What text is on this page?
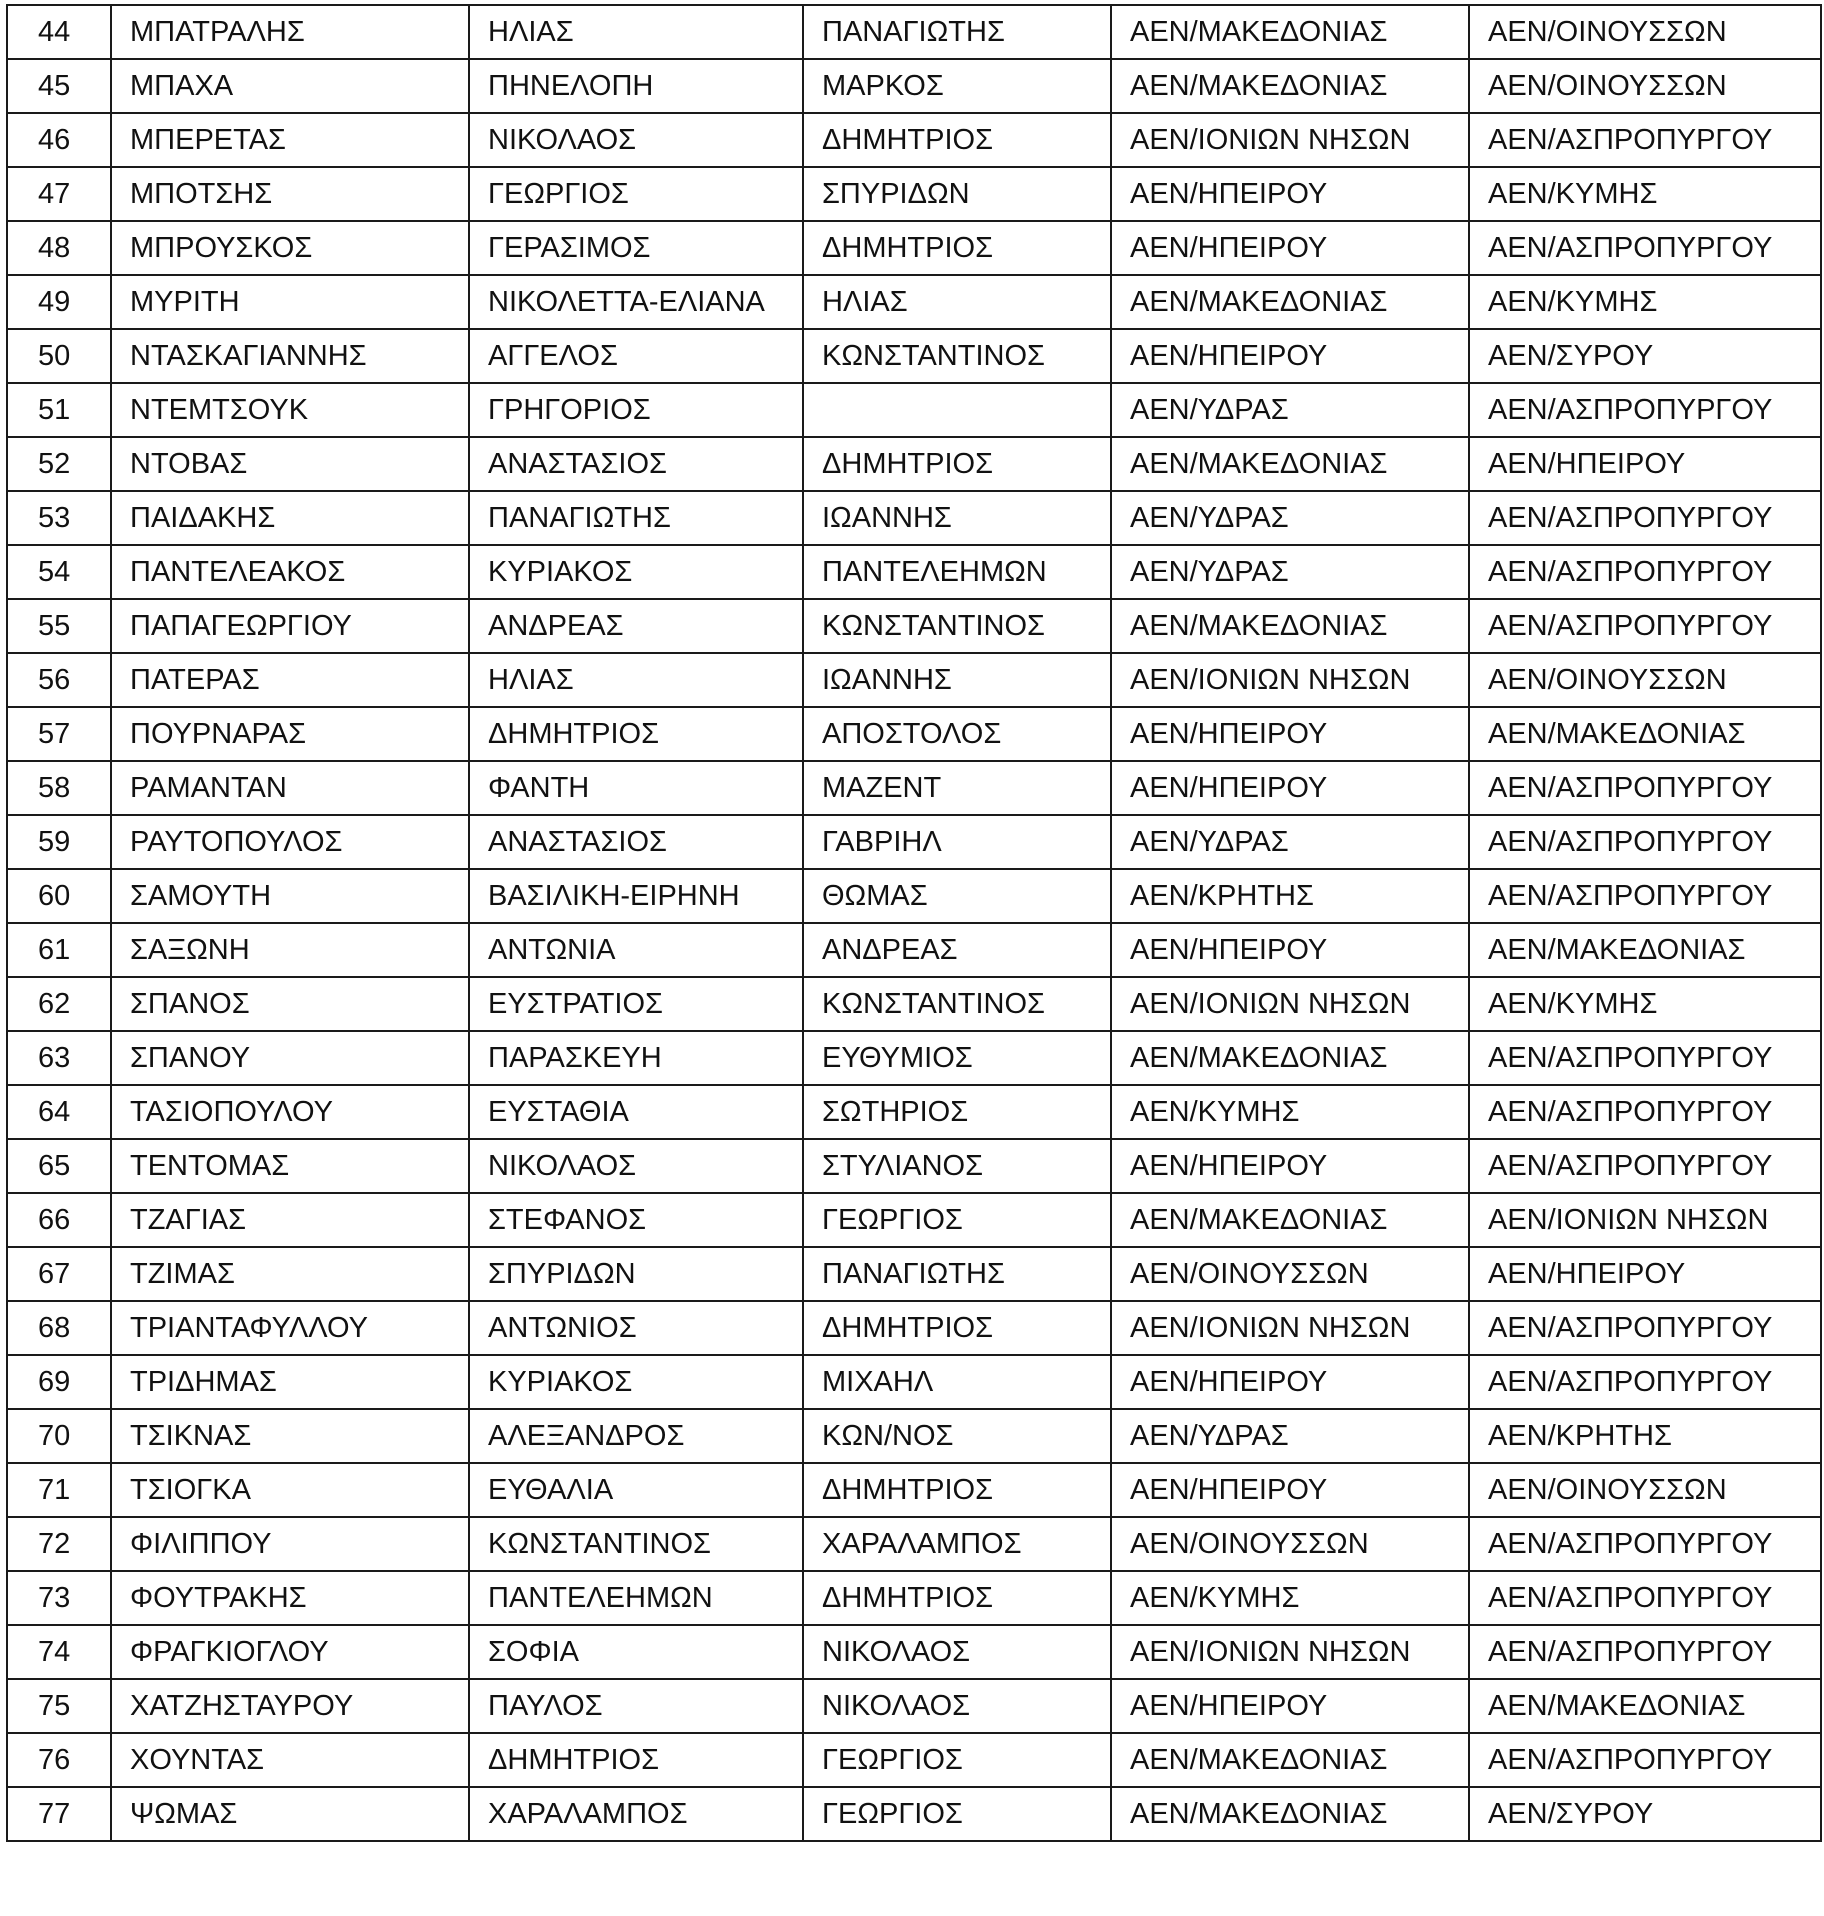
44	ΜΠΑΤΡΑΛΗΣ	ΗΛΙΑΣ	ΠΑΝΑΓΙΩΤΗΣ	ΑΕΝ/ΜΑΚΕΔΟΝΙΑΣ	ΑΕΝ/ΟΙΝΟΥΣΣΩΝ
45	ΜΠΑΧΑ	ΠΗΝΕΛΟΠΗ	ΜΑΡΚΟΣ	ΑΕΝ/ΜΑΚΕΔΟΝΙΑΣ	ΑΕΝ/ΟΙΝΟΥΣΣΩΝ
46	ΜΠΕΡΕΤΑΣ	ΝΙΚΟΛΑΟΣ	ΔΗΜΗΤΡΙΟΣ	ΑΕΝ/ΙΟΝΙΩΝ ΝΗΣΩΝ	ΑΕΝ/ΑΣΠΡΟΠΥΡΓΟΥ
47	ΜΠΟΤΣΗΣ	ΓΕΩΡΓΙΟΣ	ΣΠΥΡΙΔΩΝ	ΑΕΝ/ΗΠΕΙΡΟΥ	ΑΕΝ/ΚΥΜΗΣ
48	ΜΠΡΟΥΣΚΟΣ	ΓΕΡΑΣΙΜΟΣ	ΔΗΜΗΤΡΙΟΣ	ΑΕΝ/ΗΠΕΙΡΟΥ	ΑΕΝ/ΑΣΠΡΟΠΥΡΓΟΥ
49	ΜΥΡΙΤΗ	ΝΙΚΟΛΕΤΤΑ-ΕΛΙΑΝΑ	ΗΛΙΑΣ	ΑΕΝ/ΜΑΚΕΔΟΝΙΑΣ	ΑΕΝ/ΚΥΜΗΣ
50	ΝΤΑΣΚΑΓΙΑΝΝΗΣ	ΑΓΓΕΛΟΣ	ΚΩΝΣΤΑΝΤΙΝΟΣ	ΑΕΝ/ΗΠΕΙΡΟΥ	ΑΕΝ/ΣΥΡΟΥ
51	ΝΤΕΜΤΣΟΥΚ	ΓΡΗΓΟΡΙΟΣ		ΑΕΝ/ΥΔΡΑΣ	ΑΕΝ/ΑΣΠΡΟΠΥΡΓΟΥ
52	ΝΤΟΒΑΣ	ΑΝΑΣΤΑΣΙΟΣ	ΔΗΜΗΤΡΙΟΣ	ΑΕΝ/ΜΑΚΕΔΟΝΙΑΣ	ΑΕΝ/ΗΠΕΙΡΟΥ
53	ΠΑΙΔΑΚΗΣ	ΠΑΝΑΓΙΩΤΗΣ	ΙΩΑΝΝΗΣ	ΑΕΝ/ΥΔΡΑΣ	ΑΕΝ/ΑΣΠΡΟΠΥΡΓΟΥ
54	ΠΑΝΤΕΛΕΑΚΟΣ	ΚΥΡΙΑΚΟΣ	ΠΑΝΤΕΛΕΗΜΩΝ	ΑΕΝ/ΥΔΡΑΣ	ΑΕΝ/ΑΣΠΡΟΠΥΡΓΟΥ
55	ΠΑΠΑΓΕΩΡΓΙΟΥ	ΑΝΔΡΕΑΣ	ΚΩΝΣΤΑΝΤΙΝΟΣ	ΑΕΝ/ΜΑΚΕΔΟΝΙΑΣ	ΑΕΝ/ΑΣΠΡΟΠΥΡΓΟΥ
56	ΠΑΤΕΡΑΣ	ΗΛΙΑΣ	ΙΩΑΝΝΗΣ	ΑΕΝ/ΙΟΝΙΩΝ ΝΗΣΩΝ	ΑΕΝ/ΟΙΝΟΥΣΣΩΝ
57	ΠΟΥΡΝΑΡΑΣ	ΔΗΜΗΤΡΙΟΣ	ΑΠΟΣΤΟΛΟΣ	ΑΕΝ/ΗΠΕΙΡΟΥ	ΑΕΝ/ΜΑΚΕΔΟΝΙΑΣ
58	ΡΑΜΑΝΤΑΝ	ΦΑΝΤΗ	ΜΑΖΕΝΤ	ΑΕΝ/ΗΠΕΙΡΟΥ	ΑΕΝ/ΑΣΠΡΟΠΥΡΓΟΥ
59	ΡΑΥΤΟΠΟΥΛΟΣ	ΑΝΑΣΤΑΣΙΟΣ	ΓΑΒΡΙΗΛ	ΑΕΝ/ΥΔΡΑΣ	ΑΕΝ/ΑΣΠΡΟΠΥΡΓΟΥ
60	ΣΑΜΟΥΤΗ	ΒΑΣΙΛΙΚΗ-ΕΙΡΗΝΗ	ΘΩΜΑΣ	ΑΕΝ/ΚΡΗΤΗΣ	ΑΕΝ/ΑΣΠΡΟΠΥΡΓΟΥ
61	ΣΑΞΩΝΗ	ΑΝΤΩΝΙΑ	ΑΝΔΡΕΑΣ	ΑΕΝ/ΗΠΕΙΡΟΥ	ΑΕΝ/ΜΑΚΕΔΟΝΙΑΣ
62	ΣΠΑΝΟΣ	ΕΥΣΤΡΑΤΙΟΣ	ΚΩΝΣΤΑΝΤΙΝΟΣ	ΑΕΝ/ΙΟΝΙΩΝ ΝΗΣΩΝ	ΑΕΝ/ΚΥΜΗΣ
63	ΣΠΑΝΟΥ	ΠΑΡΑΣΚΕΥΗ	ΕΥΘΥΜΙΟΣ	ΑΕΝ/ΜΑΚΕΔΟΝΙΑΣ	ΑΕΝ/ΑΣΠΡΟΠΥΡΓΟΥ
64	ΤΑΣΙΟΠΟΥΛΟΥ	ΕΥΣΤΑΘΙΑ	ΣΩΤΗΡΙΟΣ	ΑΕΝ/ΚΥΜΗΣ	ΑΕΝ/ΑΣΠΡΟΠΥΡΓΟΥ
65	ΤΕΝΤΟΜΑΣ	ΝΙΚΟΛΑΟΣ	ΣΤΥΛΙΑΝΟΣ	ΑΕΝ/ΗΠΕΙΡΟΥ	ΑΕΝ/ΑΣΠΡΟΠΥΡΓΟΥ
66	ΤΖΑΓΙΑΣ	ΣΤΕΦΑΝΟΣ	ΓΕΩΡΓΙΟΣ	ΑΕΝ/ΜΑΚΕΔΟΝΙΑΣ	ΑΕΝ/ΙΟΝΙΩΝ ΝΗΣΩΝ
67	ΤΖΙΜΑΣ	ΣΠΥΡΙΔΩΝ	ΠΑΝΑΓΙΩΤΗΣ	ΑΕΝ/ΟΙΝΟΥΣΣΩΝ	ΑΕΝ/ΗΠΕΙΡΟΥ
68	ΤΡΙΑΝΤΑΦΥΛΛΟΥ	ΑΝΤΩΝΙΟΣ	ΔΗΜΗΤΡΙΟΣ	ΑΕΝ/ΙΟΝΙΩΝ ΝΗΣΩΝ	ΑΕΝ/ΑΣΠΡΟΠΥΡΓΟΥ
69	ΤΡΙΔΗΜΑΣ	ΚΥΡΙΑΚΟΣ	ΜΙΧΑΗΛ	ΑΕΝ/ΗΠΕΙΡΟΥ	ΑΕΝ/ΑΣΠΡΟΠΥΡΓΟΥ
70	ΤΣΙΚΝΑΣ	ΑΛΕΞΑΝΔΡΟΣ	ΚΩΝ/ΝΟΣ	ΑΕΝ/ΥΔΡΑΣ	ΑΕΝ/ΚΡΗΤΗΣ
71	ΤΣΙΟΓΚΑ	ΕΥΘΑΛΙΑ	ΔΗΜΗΤΡΙΟΣ	ΑΕΝ/ΗΠΕΙΡΟΥ	ΑΕΝ/ΟΙΝΟΥΣΣΩΝ
72	ΦΙΛΙΠΠΟΥ	ΚΩΝΣΤΑΝΤΙΝΟΣ	ΧΑΡΑΛΑΜΠΟΣ	ΑΕΝ/ΟΙΝΟΥΣΣΩΝ	ΑΕΝ/ΑΣΠΡΟΠΥΡΓΟΥ
73	ΦΟΥΤΡΑΚΗΣ	ΠΑΝΤΕΛΕΗΜΩΝ	ΔΗΜΗΤΡΙΟΣ	ΑΕΝ/ΚΥΜΗΣ	ΑΕΝ/ΑΣΠΡΟΠΥΡΓΟΥ
74	ΦΡΑΓΚΙΟΓΛΟΥ	ΣΟΦΙΑ	ΝΙΚΟΛΑΟΣ	ΑΕΝ/ΙΟΝΙΩΝ ΝΗΣΩΝ	ΑΕΝ/ΑΣΠΡΟΠΥΡΓΟΥ
75	ΧΑΤΖΗΣΤΑΥΡΟΥ	ΠΑΥΛΟΣ	ΝΙΚΟΛΑΟΣ	ΑΕΝ/ΗΠΕΙΡΟΥ	ΑΕΝ/ΜΑΚΕΔΟΝΙΑΣ
76	ΧΟΥΝΤΑΣ	ΔΗΜΗΤΡΙΟΣ	ΓΕΩΡΓΙΟΣ	ΑΕΝ/ΜΑΚΕΔΟΝΙΑΣ	ΑΕΝ/ΑΣΠΡΟΠΥΡΓΟΥ
77	ΨΩΜΑΣ	ΧΑΡΑΛΑΜΠΟΣ	ΓΕΩΡΓΙΟΣ	ΑΕΝ/ΜΑΚΕΔΟΝΙΑΣ	ΑΕΝ/ΣΥΡΟΥ
